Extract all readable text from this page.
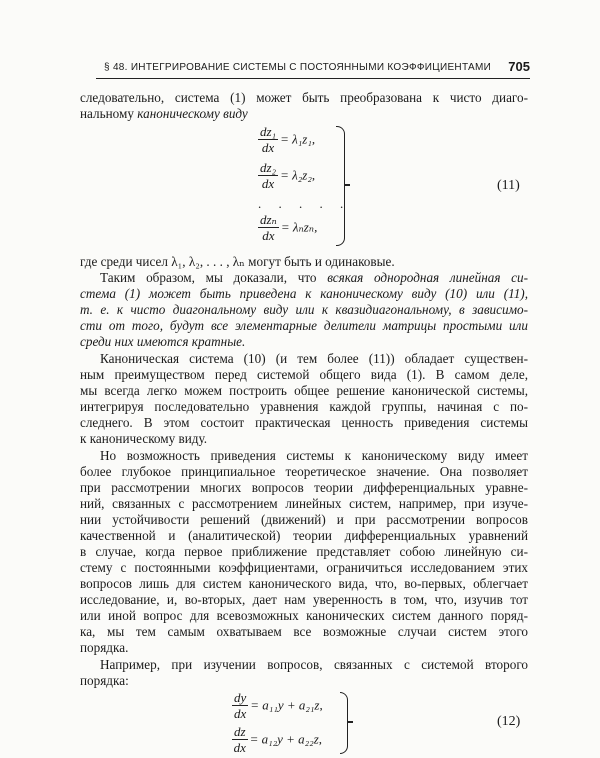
§ 48. ИНТЕГРИРОВАНИЕ СИСТЕМЫ С ПОСТОЯННЫМИ КОЭФФИЦИЕНТАМИ 705
следовательно, система (1) может быть преобразована к чисто диаго-
нальному каноническому виду
$\frac{\text{dz₁}}{dx} = \lambda_1z_1$,
$\frac{\text{dz₂}}{dx} = \lambda_2z_2$,
. . . . .
$\frac{\text{dzₙ}}{dx} = \lambda_nz_n$,
(11)
где среди чисел λ₁, λ₂, . . . , λₙ могут быть и одинаковые.
Таким образом, мы доказали, что всякая однородная линейная си-
стема (1) может быть приведена к каноническому виду (10) или (11),
т. е. к чисто диагональному виду или к квазидиагональному, в зависимо-
сти от того, будут все элементарные делители матрицы простыми или
среди них имеются кратные.
Каноническая система (10) (и тем более (11)) обладает существен-
ным преимуществом перед системой общего вида (1). В самом деле,
мы всегда легко можем построить общее решение канонической системы,
интегрируя последовательно уравнения каждой группы, начиная с по-
следнего. В этом состоит практическая ценность приведения системы
к каноническому виду.
Но возможность приведения системы к каноническому виду имеет
более глубокое принципиальное теоретическое значение. Она позволяет
при рассмотрении многих вопросов теории дифференциальных уравне-
ний, связанных с рассмотрением линейных систем, например, при изуче-
нии устойчивости решений (движений) и при рассмотрении вопросов
качественной и (аналитической) теории дифференциальных уравнений
в случае, когда первое приближение представляет собою линейную си-
стему с постоянными коэффициентами, ограничиться исследованием этих
вопросов лишь для систем канонического вида, что, во-первых, облегчает
исследование, и, во-вторых, дает нам уверенность в том, что, изучив тот
или иной вопрос для всевозможных канонических систем данного поряд-
ка, мы тем самым охватываем все возможные случаи систем этого
порядка.
Например, при изучении вопросов, связанных с системой второго
порядка:
$\frac{dy}{dx} = a_{11}y + a_{21}z$,
$\frac{dz}{dx} = a_{12}y + a_{22}z$,
(12)
